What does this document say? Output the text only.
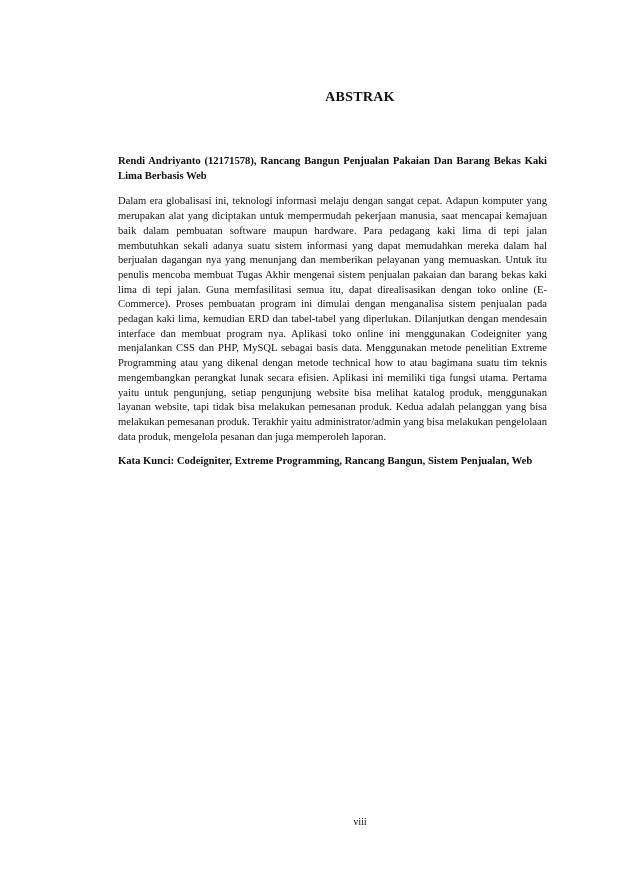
ABSTRAK

Rendi Andriyanto (12171578), Rancang Bangun Penjualan Pakaian Dan Barang Bekas Kaki Lima Berbasis Web

Dalam era globalisasi ini, teknologi informasi melaju dengan sangat cepat. Adapun komputer yang merupakan alat yang diciptakan untuk mempermudah pekerjaan manusia, saat mencapai kemajuan baik dalam pembuatan software maupun hardware. Para pedagang kaki lima di tepi jalan membutuhkan sekali adanya suatu sistem informasi yang dapat memudahkan mereka dalam hal berjualan dagangan nya yang menunjang dan memberikan pelayanan yang memuaskan. Untuk itu penulis mencoba membuat Tugas Akhir mengenai sistem penjualan pakaian dan barang bekas kaki lima di tepi jalan. Guna memfasilitasi semua itu, dapat direalisasikan dengan toko online (E-Commerce). Proses pembuatan program ini dimulai dengan menganalisa sistem penjualan pada pedagan kaki lima, kemudian ERD dan tabel-tabel yang diperlukan. Dilanjutkan dengan mendesain interface dan membuat program nya. Aplikasi toko online ini menggunakan Codeigniter yang menjalankan CSS dan PHP, MySQL sebagai basis data. Menggunakan metode penelitian Extreme Programming atau yang dikenal dengan metode technical how to atau bagimana suatu tim teknis mengembangkan perangkat lunak secara efisien. Aplikasi ini memiliki tiga fungsi utama. Pertama yaitu untuk pengunjung, setiap pengunjung website bisa melihat katalog produk, menggunakan layanan website, tapi tidak bisa melakukan pemesanan produk. Kedua adalah pelanggan yang bisa melakukan pemesanan produk. Terakhir yaitu administrator/admin yang bisa melakukan pengelolaan data produk, mengelola pesanan dan juga memperoleh laporan.

Kata Kunci: Codeigniter, Extreme Programming, Rancang Bangun, Sistem Penjualan, Web

viii
